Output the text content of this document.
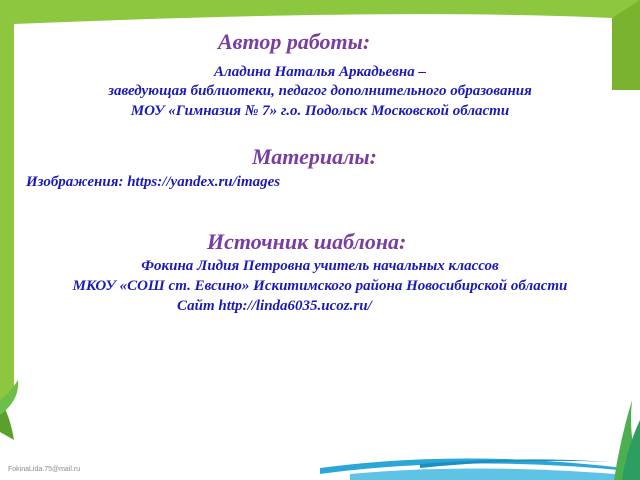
Автор работы:
Аладина Наталья Аркадьевна –
заведующая библиотеки, педагог дополнительного образования
МОУ «Гимназия № 7» г.о. Подольск Московской области
Материалы:
Изображения: https://yandex.ru/images
Источник шаблона:
Фокина Лидия Петровна учитель начальных классов
МКОУ «СОШ ст. Евсино» Искитимского района Новосибирской области
Сайт http://linda6035.ucoz.ru/
FokinaLida.75@mail.ru
